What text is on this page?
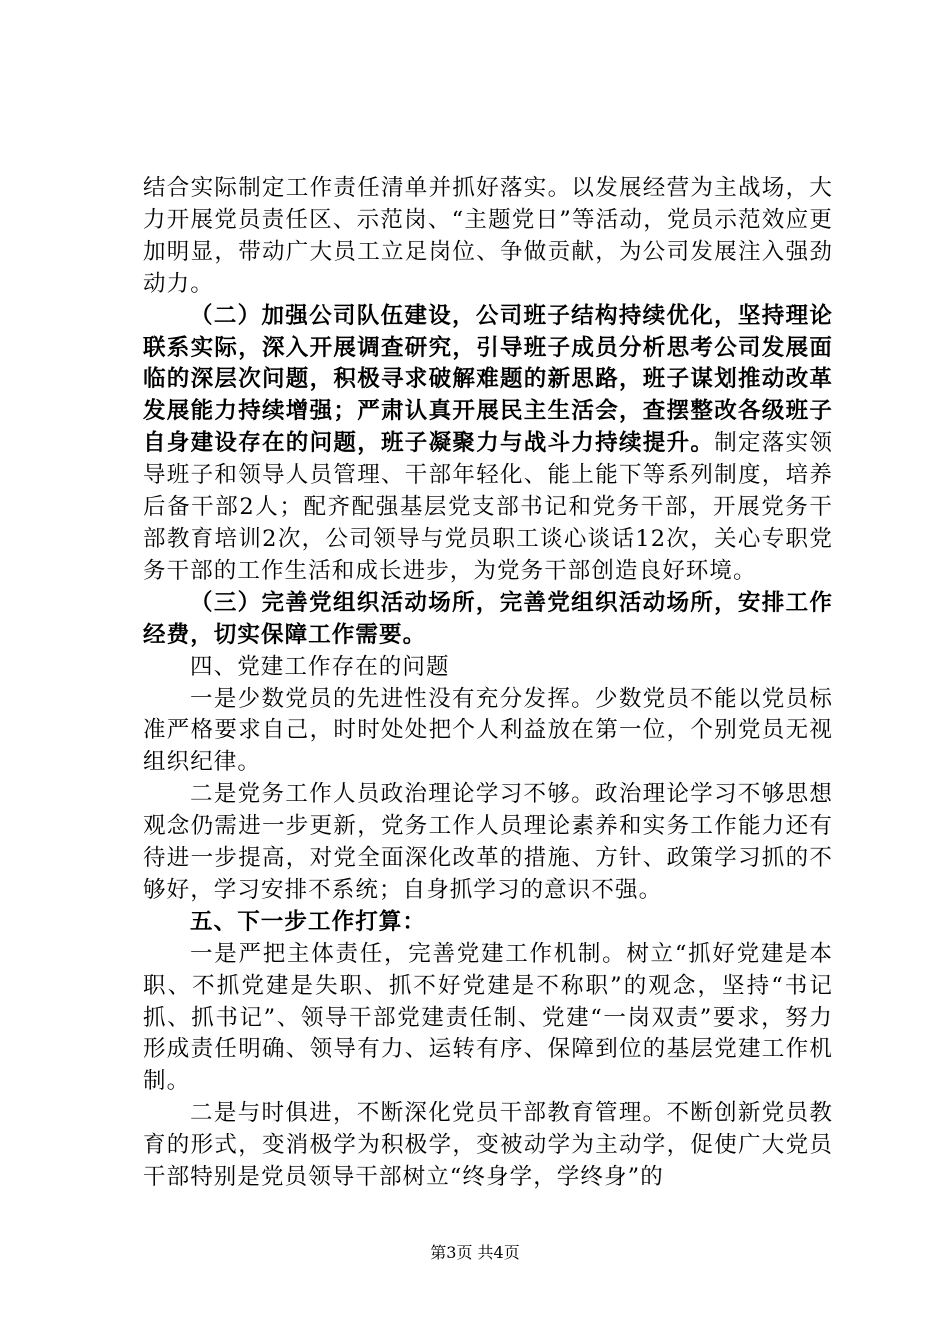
结合实际制定工作责任清单并抓好落实。以发展经营为主战场，大力开展党员责任区、示范岗、“主题党日”等活动，党员示范效应更加明显，带动广大员工立足岗位、争做贡献，为公司发展注入强劲动力。

（二）加强公司队伍建设，公司班子结构持续优化，坚持理论联系实际，深入开展调查研究，引导班子成员分析思考公司发展面临的深层次问题，积极寻求破解难题的新思路，班子谋划推动改革发展能力持续增强；严肃认真开展民主生活会，查摆整改各级班子自身建设存在的问题，班子凝聚力与战斗力持续提升。制定落实领导班子和领导人员管理、干部年轻化、能上能下等系列制度，培养后备干部2人；配齐配强基层党支部书记和党务干部，开展党务干部教育培训2次，公司领导与党员职工谈心谈话12次，关心专职党务干部的工作生活和成长进步，为党务干部创造良好环境。

（三）完善党组织活动场所，完善党组织活动场所，安排工作经费，切实保障工作需要。

四、党建工作存在的问题

一是少数党员的先进性没有充分发挥。少数党员不能以党员标准严格要求自己，时时处处把个人利益放在第一位，个别党员无视组织纪律。

二是党务工作人员政治理论学习不够。政治理论学习不够思想观念仍需进一步更新，党务工作人员理论素养和实务工作能力还有待进一步提高，对党全面深化改革的措施、方针、政策学习抓的不够好，学习安排不系统；自身抓学习的意识不强。

五、下一步工作打算：

一是严把主体责任，完善党建工作机制。树立“抓好党建是本职、不抓党建是失职、抓不好党建是不称职”的观念，坚持“书记抓、抓书记”、领导干部党建责任制、党建“一岗双责”要求，努力形成责任明确、领导有力、运转有序、保障到位的基层党建工作机制。

二是与时俱进，不断深化党员干部教育管理。不断创新党员教育的形式，变消极学为积极学，变被动学为主动学，促使广大党员干部特别是党员领导干部树立“终身学，学终身”的

第3页 共4页
